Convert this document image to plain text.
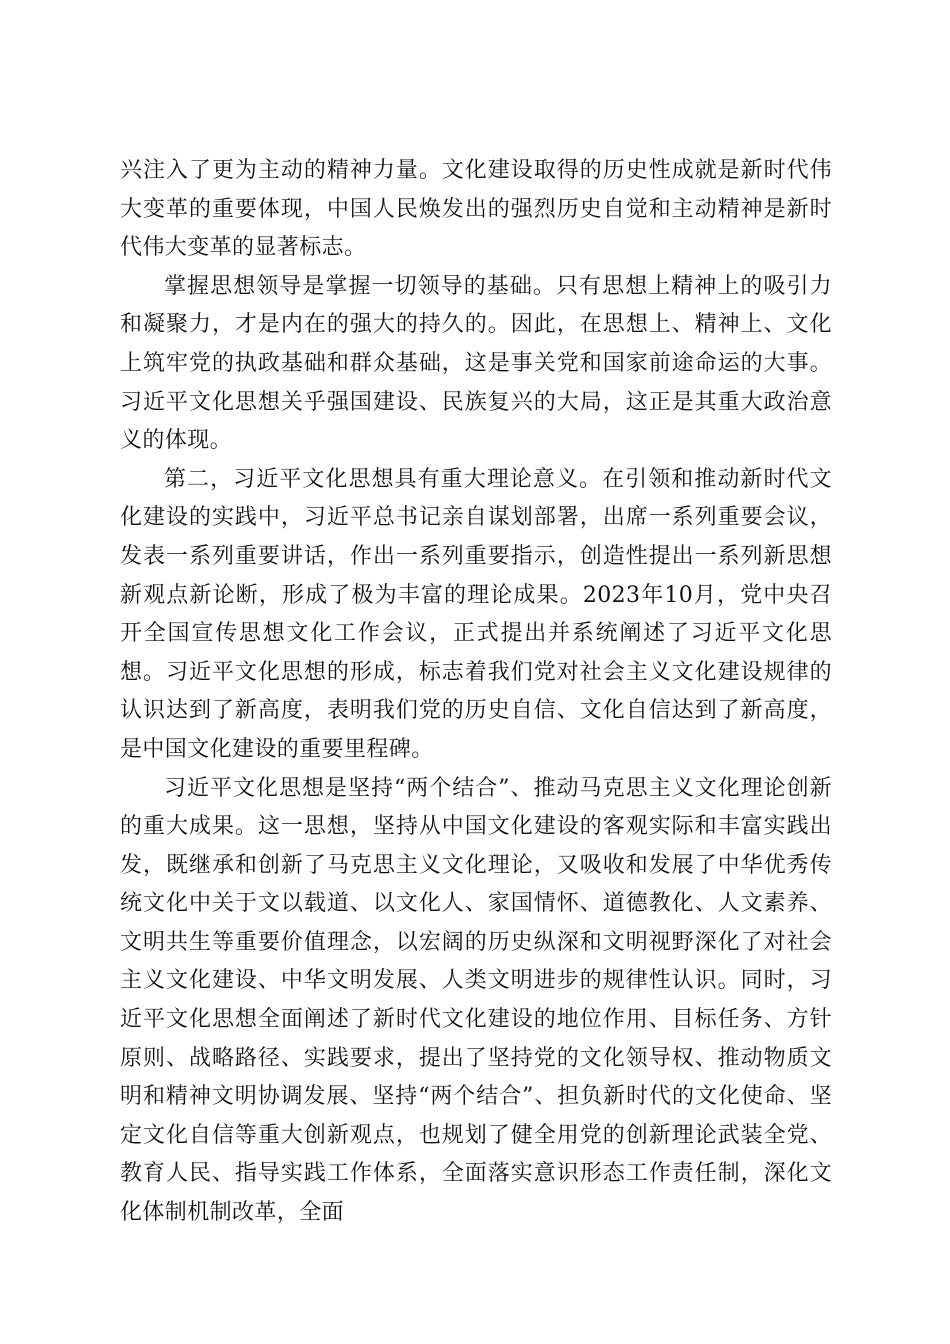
兴注入了更为主动的精神力量。文化建设取得的历史性成就是新时代伟大变革的重要体现，中国人民焕发出的强烈历史自觉和主动精神是新时代伟大变革的显著标志。

掌握思想领导是掌握一切领导的基础。只有思想上精神上的吸引力和凝聚力，才是内在的强大的持久的。因此，在思想上、精神上、文化上筑牢党的执政基础和群众基础，这是事关党和国家前途命运的大事。习近平文化思想关乎强国建设、民族复兴的大局，这正是其重大政治意义的体现。

第二，习近平文化思想具有重大理论意义。在引领和推动新时代文化建设的实践中，习近平总书记亲自谋划部署，出席一系列重要会议，发表一系列重要讲话，作出一系列重要指示，创造性提出一系列新思想新观点新论断，形成了极为丰富的理论成果。2023年10月，党中央召开全国宣传思想文化工作会议，正式提出并系统阐述了习近平文化思想。习近平文化思想的形成，标志着我们党对社会主义文化建设规律的认识达到了新高度，表明我们党的历史自信、文化自信达到了新高度，是中国文化建设的重要里程碑。

习近平文化思想是坚持“两个结合”、推动马克思主义文化理论创新的重大成果。这一思想，坚持从中国文化建设的客观实际和丰富实践出发，既继承和创新了马克思主义文化理论，又吸收和发展了中华优秀传统文化中关于文以载道、以文化人、家国情怀、道德教化、人文素养、文明共生等重要价值理念，以宏阔的历史纵深和文明视野深化了对社会主义文化建设、中华文明发展、人类文明进步的规律性认识。同时，习近平文化思想全面阐述了新时代文化建设的地位作用、目标任务、方针原则、战略路径、实践要求，提出了坚持党的文化领导权、推动物质文明和精神文明协调发展、坚持“两个结合”、担负新时代的文化使命、坚定文化自信等重大创新观点，也规划了健全用党的创新理论武装全党、教育人民、指导实践工作体系，全面落实意识形态工作责任制，深化文化体制机制改革，全面
